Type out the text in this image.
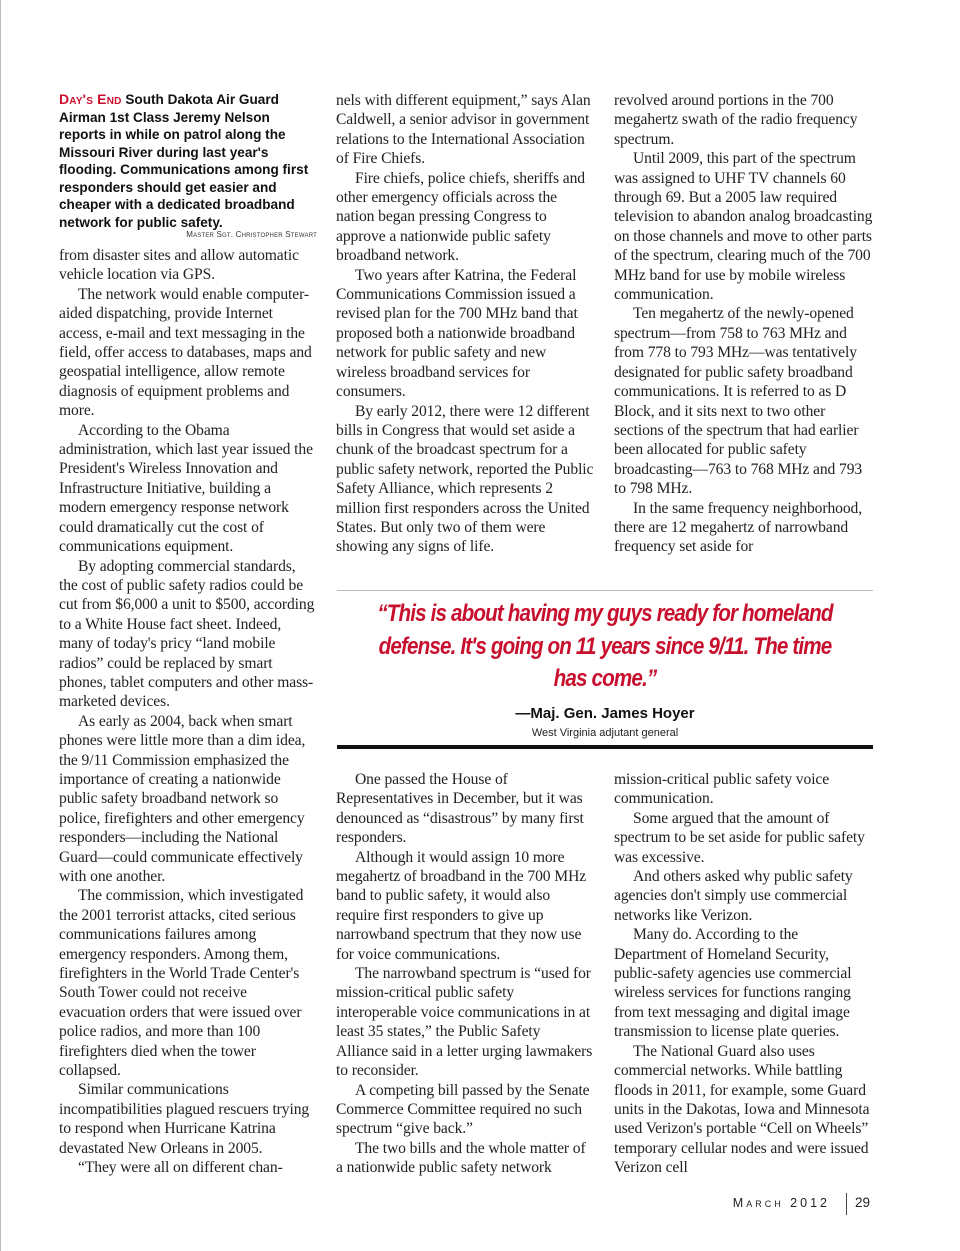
Day's End South Dakota Air Guard Airman 1st Class Jeremy Nelson reports in while on patrol along the Missouri River during last year's flooding. Communications among first responders should get easier and cheaper with a dedicated broadband network for public safety.
Master Sgt. Christopher Stewart

from disaster sites and allow automatic vehicle location via GPS.

The network would enable computer-aided dispatching, provide Internet access, e-mail and text messaging in the field, offer access to databases, maps and geospatial intelligence, allow remote diagnosis of equipment problems and more.

According to the Obama administration, which last year issued the President's Wireless Innovation and Infrastructure Initiative, building a modern emergency response network could dramatically cut the cost of communications equipment.

By adopting commercial standards, the cost of public safety radios could be cut from $6,000 a unit to $500, according to a White House fact sheet. Indeed, many of today's pricy “land mobile radios” could be replaced by smart phones, tablet computers and other mass-marketed devices.

As early as 2004, back when smart phones were little more than a dim idea, the 9/11 Commission emphasized the importance of creating a nationwide public safety broadband network so police, firefighters and other emergency responders—including the National Guard—could communicate effectively with one another.

The commission, which investigated the 2001 terrorist attacks, cited serious communications failures among emergency responders. Among them, firefighters in the World Trade Center's South Tower could not receive evacuation orders that were issued over police radios, and more than 100 firefighters died when the tower collapsed.

Similar communications incompatibilities plagued rescuers trying to respond when Hurricane Katrina devastated New Orleans in 2005.

“They were all on different chan-

nels with different equipment,” says Alan Caldwell, a senior advisor in government relations to the International Association of Fire Chiefs.

Fire chiefs, police chiefs, sheriffs and other emergency officials across the nation began pressing Congress to approve a nationwide public safety broadband network.

Two years after Katrina, the Federal Communications Commission issued a revised plan for the 700 MHz band that proposed both a nationwide broadband network for public safety and new wireless broadband services for consumers.

By early 2012, there were 12 different bills in Congress that would set aside a chunk of the broadcast spectrum for a public safety network, reported the Public Safety Alliance, which represents 2 million first responders across the United States. But only two of them were showing any signs of life.

revolved around portions in the 700 megahertz swath of the radio frequency spectrum.

Until 2009, this part of the spectrum was assigned to UHF TV channels 60 through 69. But a 2005 law required television to abandon analog broadcasting on those channels and move to other parts of the spectrum, clearing much of the 700 MHz band for use by mobile wireless communication.

Ten megahertz of the newly-opened spectrum—from 758 to 763 MHz and from 778 to 793 MHz—was tentatively designated for public safety broadband communications. It is referred to as D Block, and it sits next to two other sections of the spectrum that had earlier been allocated for public safety broadcasting—763 to 768 MHz and 793 to 798 MHz.

In the same frequency neighborhood, there are 12 megahertz of narrowband frequency set aside for

“This is about having my guys ready for homeland defense. It's going on 11 years since 9/11. The time has come.”
—Maj. Gen. James Hoyer
West Virginia adjutant general

One passed the House of Representatives in December, but it was denounced as “disastrous” by many first responders.

Although it would assign 10 more megahertz of broadband in the 700 MHz band to public safety, it would also require first responders to give up narrowband spectrum that they now use for voice communications.

The narrowband spectrum is “used for mission-critical public safety interoperable voice communications in at least 35 states,” the Public Safety Alliance said in a letter urging lawmakers to reconsider.

A competing bill passed by the Senate Commerce Committee required no such spectrum “give back.”

The two bills and the whole matter of a nationwide public safety network

mission-critical public safety voice communication.

Some argued that the amount of spectrum to be set aside for public safety was excessive.

And others asked why public safety agencies don't simply use commercial networks like Verizon.

Many do. According to the Department of Homeland Security, public-safety agencies use commercial wireless services for functions ranging from text messaging and digital image transmission to license plate queries.

The National Guard also uses commercial networks. While battling floods in 2011, for example, some Guard units in the Dakotas, Iowa and Minnesota used Verizon's portable “Cell on Wheels” temporary cellular nodes and were issued Verizon cell

March 2012 29
